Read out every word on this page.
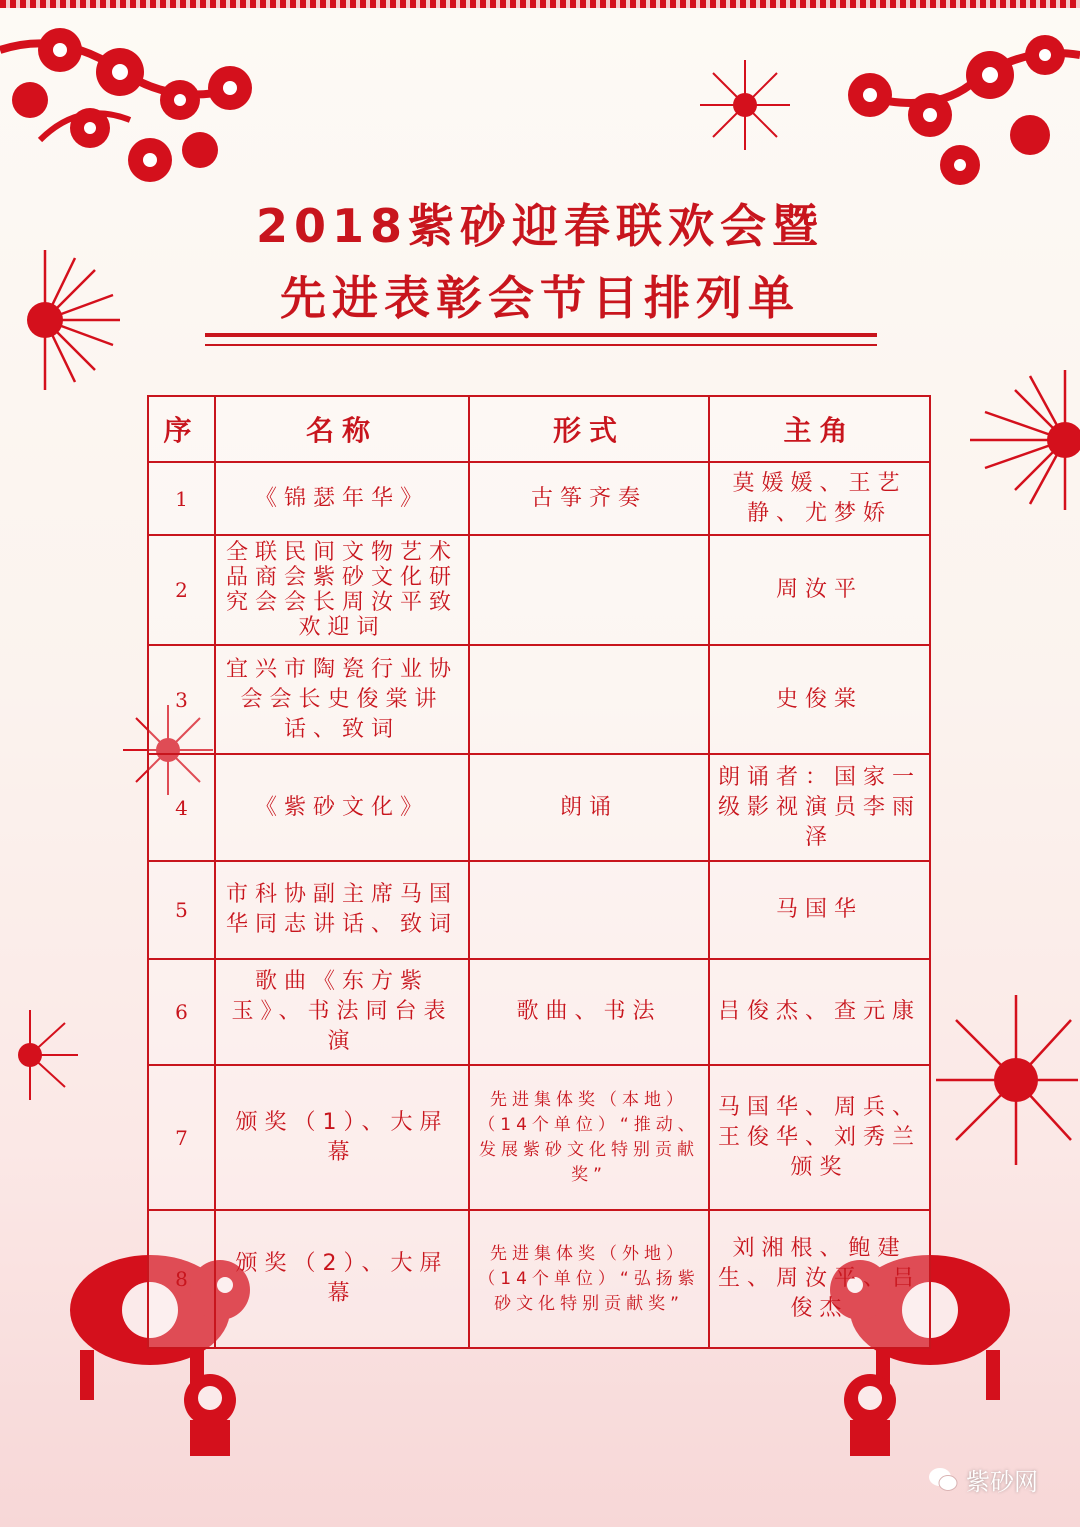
2018紫砂迎春联欢会暨
先进表彰会节目排列单
序	名称	形式	主角
1	《锦瑟年华》	古筝齐奏	莫媛媛、王艺静、尤梦娇
2	全联民间文物艺术品商会紫砂文化研究会会长周汝平致欢迎词		周汝平
3	宜兴市陶瓷行业协会会长史俊棠讲话、致词		史俊棠
4	《紫砂文化》	朗诵	朗诵者：国家一级影视演员李雨泽
5	市科协副主席马国华同志讲话、致词		马国华
6	歌曲《东方紫玉》、书法同台表演	歌曲、书法	吕俊杰、查元康
7	颁奖（1）、大屏幕	先进集体奖（本地）（14个单位）“推动、发展紫砂文化特别贡献奖”	马国华、周兵、王俊华、刘秀兰颁奖
8	颁奖（2）、大屏幕	先进集体奖（外地）（14个单位）“弘扬紫砂文化特别贡献奖”	刘湘根、鲍建生、周汝平、吕俊杰
紫砂网
